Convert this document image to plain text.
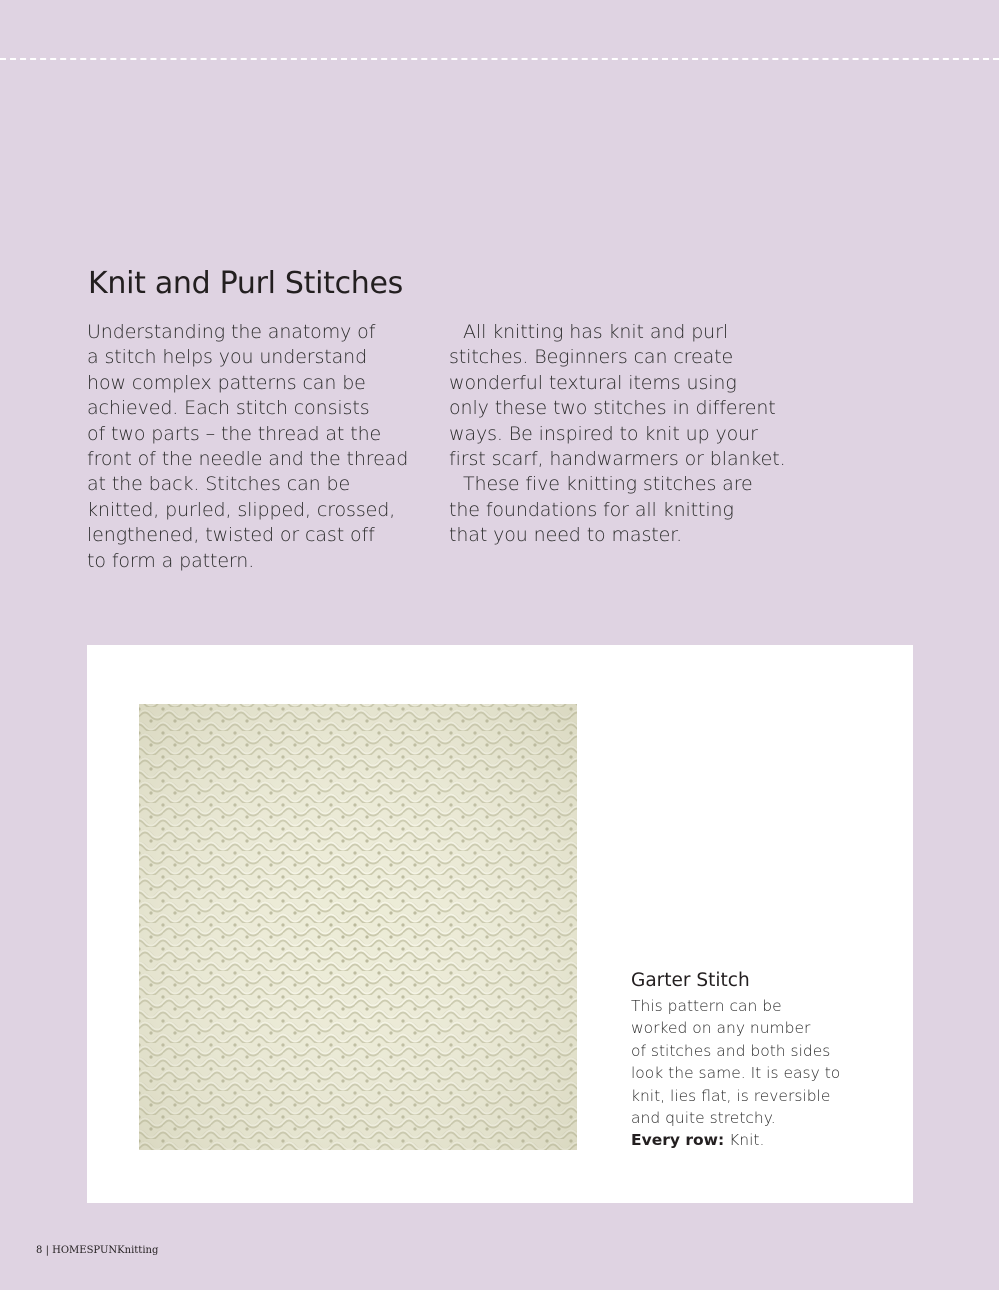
Knit and Purl Stitches
Understanding the anatomy of
a stitch helps you understand
how complex patterns can be
achieved. Each stitch consists
of two parts – the thread at the
front of the needle and the thread
at the back. Stitches can be
knitted, purled, slipped, crossed,
lengthened, twisted or cast off
to form a pattern.
All knitting has knit and purl
stitches. Beginners can create
wonderful textural items using
only these two stitches in different
ways. Be inspired to knit up your
first scarf, handwarmers or blanket.
These five knitting stitches are
the foundations for all knitting
that you need to master.
Garter Stitch
This pattern can be
worked on any number
of stitches and both sides
look the same. It is easy to
knit, lies flat, is reversible
and quite stretchy.
Every row: Knit.
8 | HOMESPUNKnitting
